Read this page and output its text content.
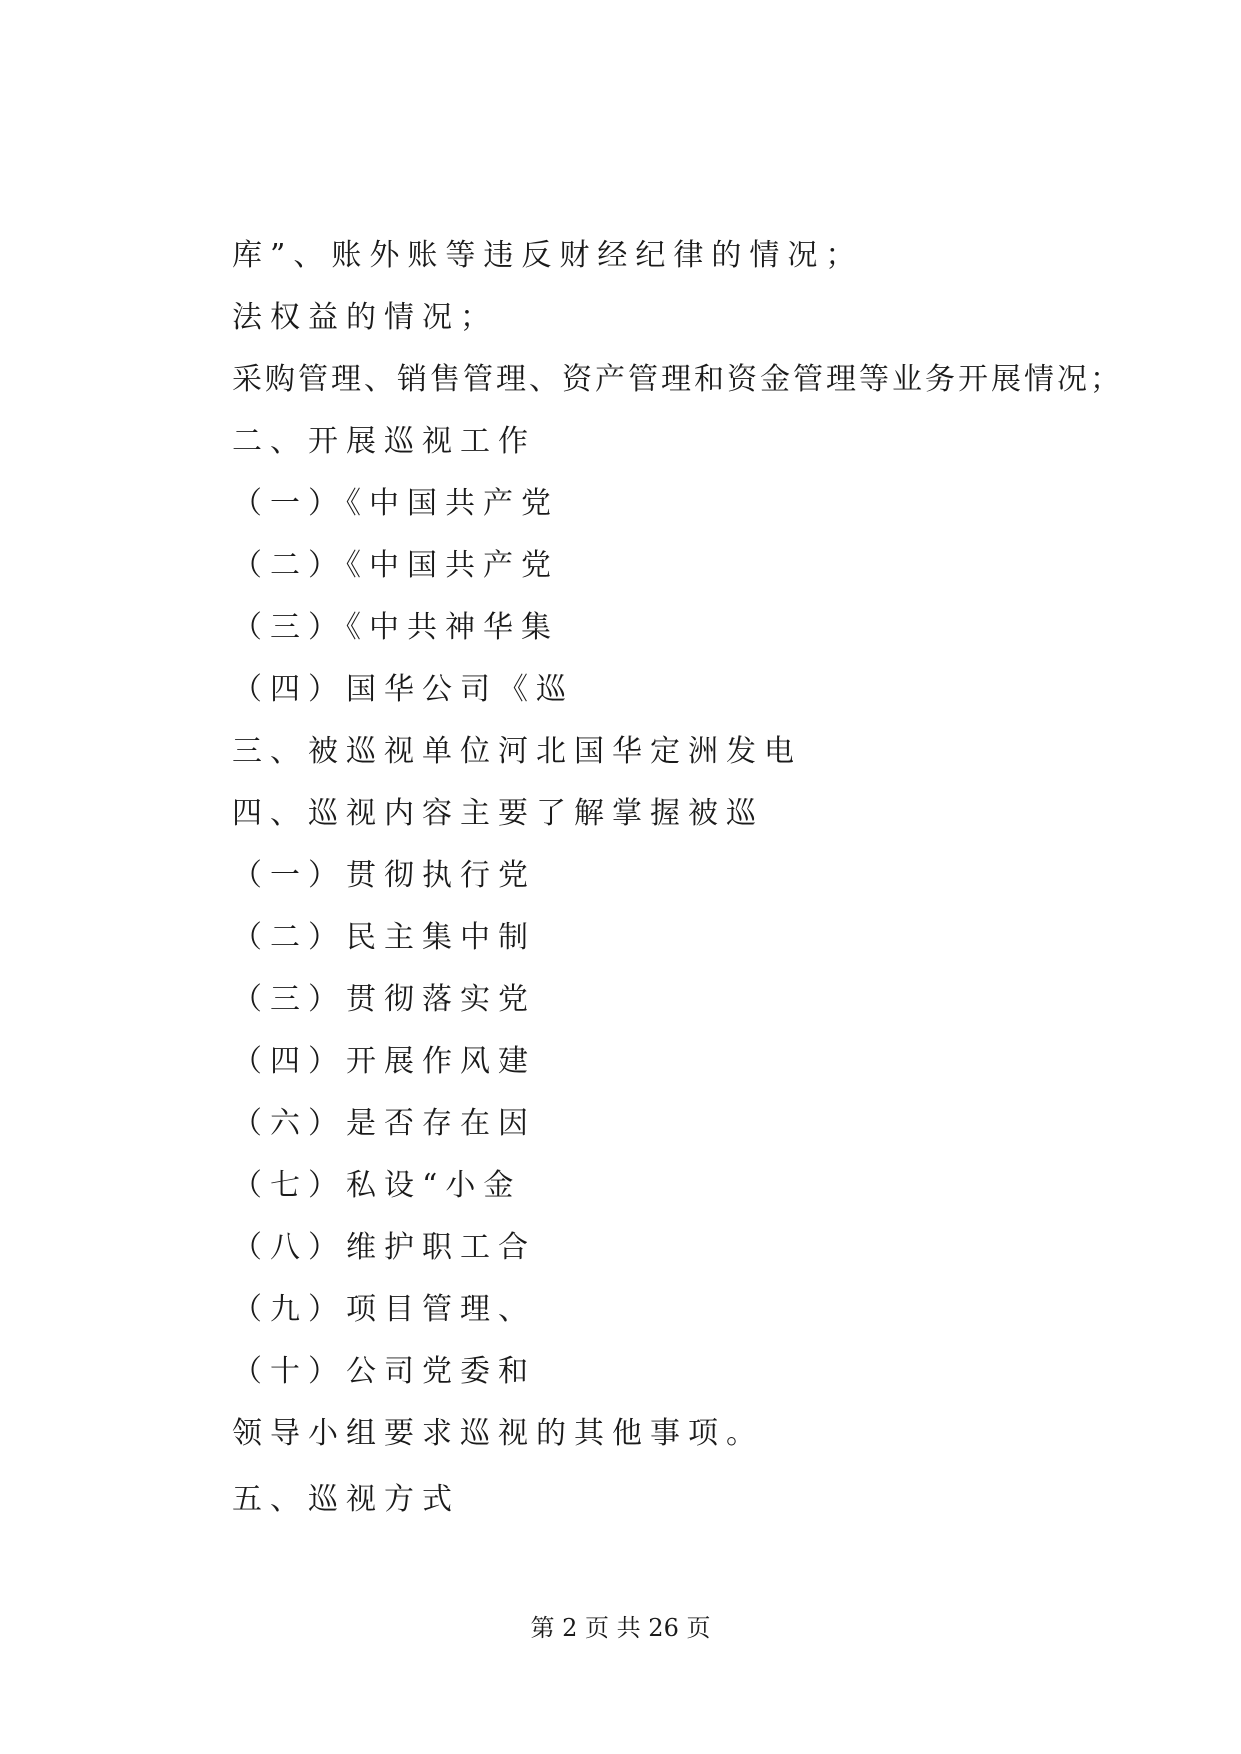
库”、账外账等违反财经纪律的情况；
法权益的情况；
采购管理、销售管理、资产管理和资金管理等业务开展情况；
二、开展巡视工作
（一）《中国共产党
（二）《中国共产党
（三）《中共神华集
（四）国华公司《巡
三、被巡视单位河北国华定洲发电
四、巡视内容主要了解掌握被巡
（一）贯彻执行党
（二）民主集中制
（三）贯彻落实党
（四）开展作风建
（六）是否存在因
（七）私设“小金
（八）维护职工合
（九）项目管理、
（十）公司党委和
领导小组要求巡视的其他事项。
五、巡视方式
第 2 页 共 26 页
